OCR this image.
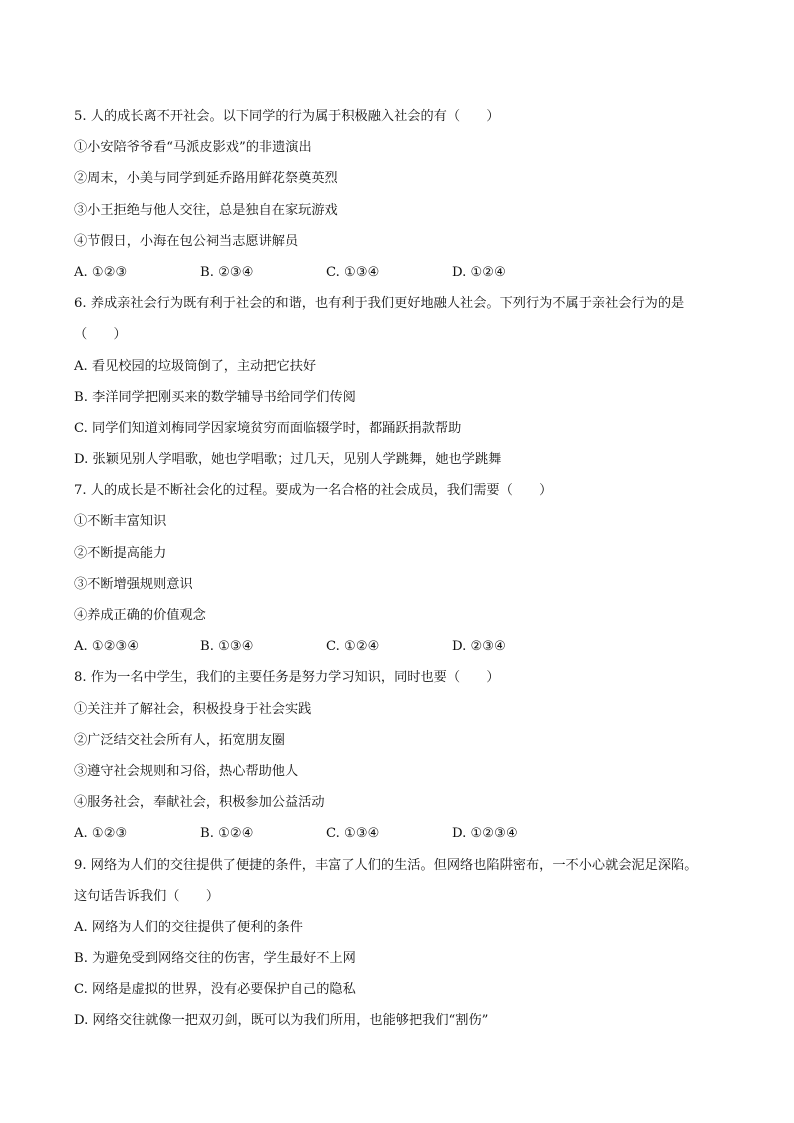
5. 人的成长离不开社会。以下同学的行为属于积极融入社会的有（　　）
①小安陪爷爷看“马派皮影戏”的非遗演出
②周末，小美与同学到延乔路用鲜花祭奠英烈
③小王拒绝与他人交往，总是独自在家玩游戏
④节假日，小海在包公祠当志愿讲解员
A. ①②③	B. ②③④	C. ①③④	D. ①②④
6. 养成亲社会行为既有利于社会的和谐，也有利于我们更好地融人社会。下列行为不属于亲社会行为的是
（　　）
A. 看见校园的垃圾筒倒了，主动把它扶好
B. 李洋同学把刚买来的数学辅导书给同学们传阅
C. 同学们知道刘梅同学因家境贫穷而面临辍学时，都踊跃捐款帮助
D. 张颖见别人学唱歌，她也学唱歌；过几天，见别人学跳舞，她也学跳舞
7. 人的成长是不断社会化的过程。要成为一名合格的社会成员，我们需要（　　）
①不断丰富知识
②不断提高能力
③不断增强规则意识
④养成正确的价值观念
A. ①②③④	B. ①③④	C. ①②④	D. ②③④
8. 作为一名中学生，我们的主要任务是努力学习知识，同时也要（　　）
①关注并了解社会，积极投身于社会实践
②广泛结交社会所有人，拓宽朋友圈
③遵守社会规则和习俗，热心帮助他人
④服务社会，奉献社会，积极参加公益活动
A. ①②③	B. ①②④	C. ①③④	D. ①②③④
9. 网络为人们的交往提供了便捷的条件，丰富了人们的生活。但网络也陷阱密布，一不小心就会泥足深陷。
这句话告诉我们（　　）
A. 网络为人们的交往提供了便利的条件
B. 为避免受到网络交往的伤害，学生最好不上网
C. 网络是虚拟的世界，没有必要保护自己的隐私
D. 网络交往就像一把双刃剑，既可以为我们所用，也能够把我们“割伤”
